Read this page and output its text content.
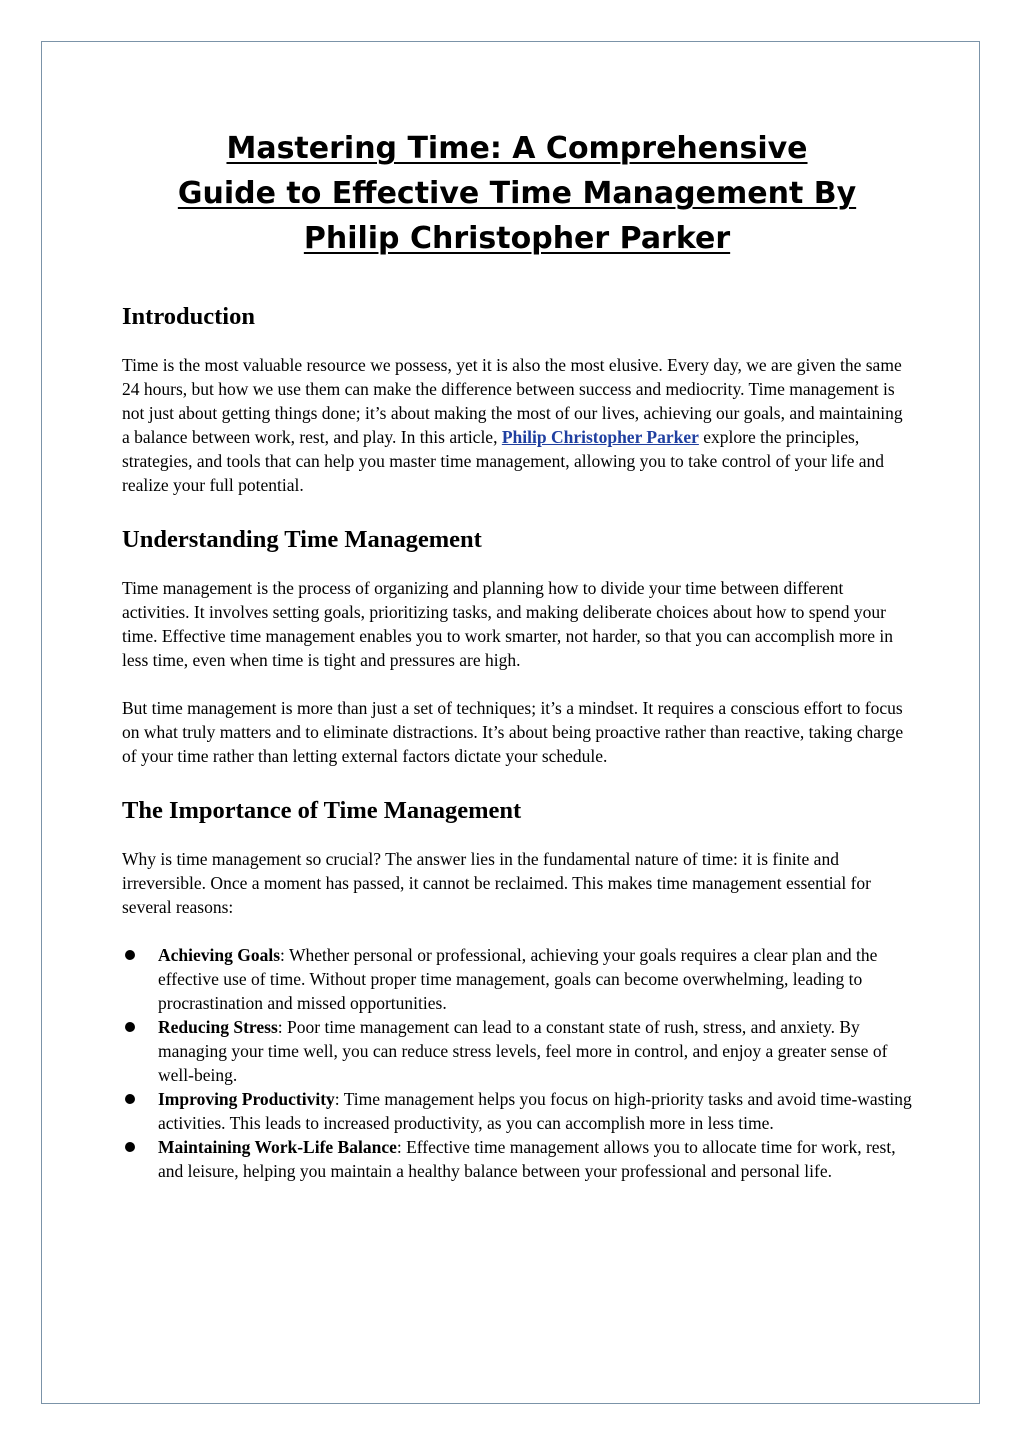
Mastering Time: A Comprehensive
Guide to Effective Time Management By
Philip Christopher Parker
Introduction

Time is the most valuable resource we possess, yet it is also the most elusive. Every day, we are given the same 24 hours, but how we use them can make the difference between success and mediocrity. Time management is not just about getting things done; it’s about making the most of our lives, achieving our goals, and maintaining a balance between work, rest, and play. In this article, Philip Christopher Parker explore the principles, strategies, and tools that can help you master time management, allowing you to take control of your life and realize your full potential.

Understanding Time Management

Time management is the process of organizing and planning how to divide your time between different activities. It involves setting goals, prioritizing tasks, and making deliberate choices about how to spend your time. Effective time management enables you to work smarter, not harder, so that you can accomplish more in less time, even when time is tight and pressures are high.

But time management is more than just a set of techniques; it’s a mindset. It requires a conscious effort to focus on what truly matters and to eliminate distractions. It’s about being proactive rather than reactive, taking charge of your time rather than letting external factors dictate your schedule.

The Importance of Time Management

Why is time management so crucial? The answer lies in the fundamental nature of time: it is finite and irreversible. Once a moment has passed, it cannot be reclaimed. This makes time management essential for several reasons:

Achieving Goals: Whether personal or professional, achieving your goals requires a clear plan and the effective use of time. Without proper time management, goals can become overwhelming, leading to procrastination and missed opportunities.
Reducing Stress: Poor time management can lead to a constant state of rush, stress, and anxiety. By managing your time well, you can reduce stress levels, feel more in control, and enjoy a greater sense of well-being.
Improving Productivity: Time management helps you focus on high-priority tasks and avoid time-wasting activities. This leads to increased productivity, as you can accomplish more in less time.
Maintaining Work-Life Balance: Effective time management allows you to allocate time for work, rest, and leisure, helping you maintain a healthy balance between your professional and personal life.
